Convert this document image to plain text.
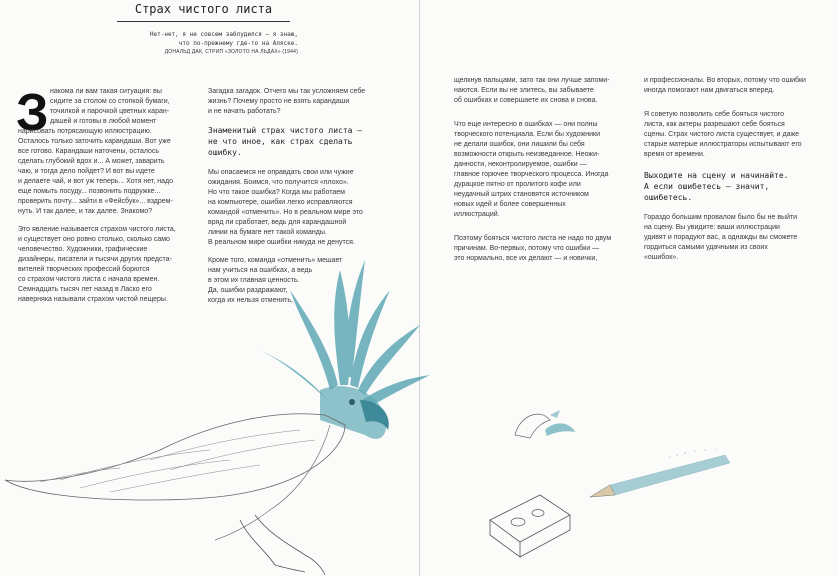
Страх чистого листа
Нет-нет, я не совсем заблудился — я знаю,
что по-прежнему где-то на Аляске.
ДОНАЛЬД ДАК, СТРИП «ЗОЛОТО НА ЛЬДАХ» (1944)
З накома ли вам такая ситуация: вы
сидите за столом со стопкой бумаги,
точилкой и парочкой цветных каран-
дашей и готовы в любой момент
нарисовать потрясающую иллюстрацию.
Осталось только заточить карандаши. Вот уже
все готово. Карандаши наточены, осталось
сделать глубокий вдох и... А может, заварить
чаю, и тогда дело пойдет? И вот вы идете
и делаете чай, и вот уж теперь... Хотя нет, надо
еще помыть посуду... позвонить подружке...
проверить почту... зайти в «Фейсбук»... вздрем-
нуть. И так далее, и так далее. Знакомо?

Это явление называется страхом чистого листа,
и существует оно ровно столько, сколько само
человечество. Художники, графические
дизайнеры, писатели и тысячи других предста-
вителей творческих профессий борются
со страхом чистого листа с начала времен.
Семнадцать тысяч лет назад в Ласко его
наверняка называли страхом чистой пещеры.

Загадка загадок. Отчего мы так усложняем себе
жизнь? Почему просто не взять карандаши
и не начать работать?

Знаменитый страх чистого листа —
не что иное, как страх сделать
ошибку.

Мы опасаемся не оправдать свои или чужие
ожидания. Боимся, что получится «плохо».
Но что такое ошибка? Когда мы работаем
на компьютере, ошибки легко исправляются
командой «отменить». Но в реальном мире это
вряд ли сработает, ведь для карандашной
линии на бумаге нет такой команды.
В реальном мире ошибки никуда не денутся.

Кроме того, команда «отменить» мешает
нам учиться на ошибках, а ведь
в этом их главная ценность.
Да, ошибки раздражают,
когда их нельзя отменить,

щелкнув пальцами, зато так они лучше запоми-
наются. Если вы не злитесь, вы забываете
об ошибках и совершаете их снова и снова.

Что еще интересно в ошибках — они полны
творческого потенциала. Если бы художники
не делали ошибок, они лишили бы себя
возможности открыть неизведанное. Неожи-
данности, неконтролируемое, ошибки —
главное горючее творческого процесса. Иногда
дурацкое пятно от пролитого кофе или
неудачный штрих становятся источником
новых идей и более совершенных
иллюстраций.

Поэтому бояться чистого листа не надо по двум
причинам. Во-первых, потому что ошибки —
это нормально, все их делают — и новички,

и профессионалы. Во вторых, потому что ошибки
иногда помогают нам двигаться вперед.

Я советую позволить себе бояться чистого
листа, как актеры разрешают себе бояться
сцены. Страх чистого листа существует, и даже
старые матерые иллюстраторы испытывают его
время от времени.

Выходите на сцену и начинайте.
А если ошибетесь — значит,
ошибетесь.

Гораздо большим провалом было бы не выйти
на сцену. Вы увидите: ваши иллюстрации
удивят и порадуют вас, а однажды вы сможете
гордиться самыми удачными из своих
«ошибок».
